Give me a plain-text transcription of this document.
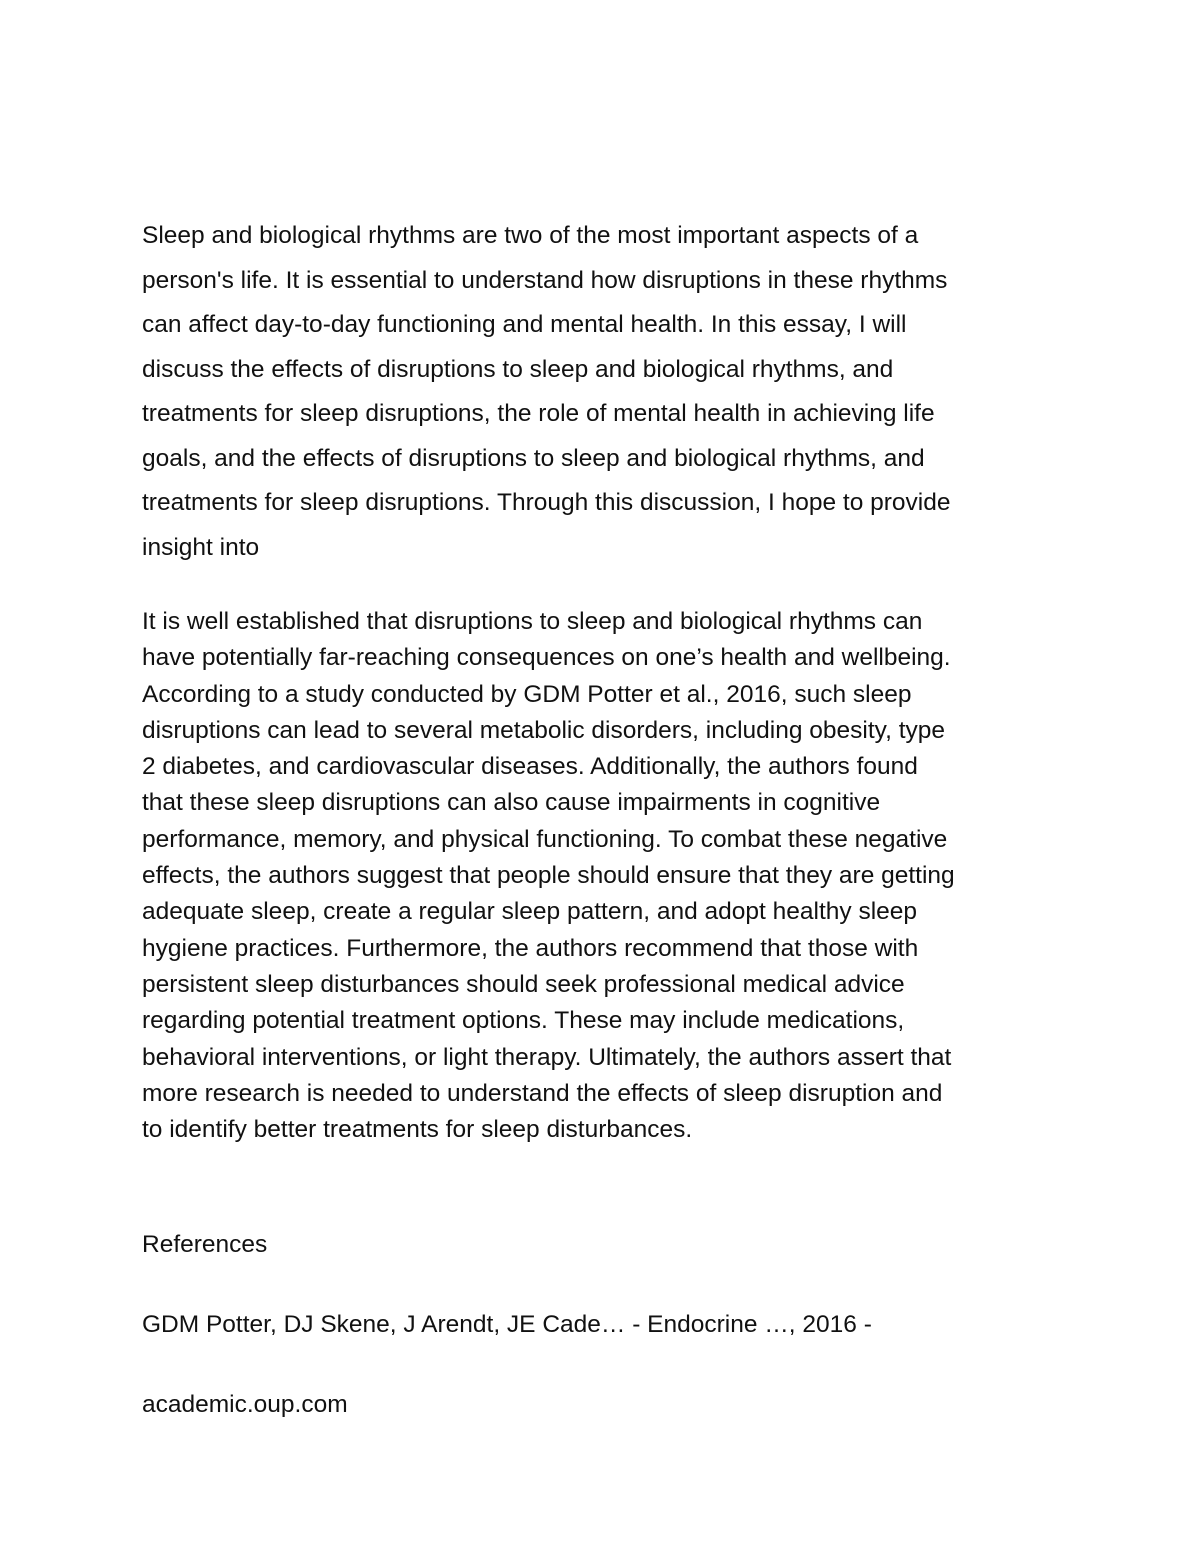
Sleep and biological rhythms are two of the most important aspects of a
person's life. It is essential to understand how disruptions in these rhythms
can affect day-to-day functioning and mental health. In this essay, I will
discuss the effects of disruptions to sleep and biological rhythms, and
treatments for sleep disruptions, the role of mental health in achieving life
goals, and the effects of disruptions to sleep and biological rhythms, and
treatments for sleep disruptions. Through this discussion, I hope to provide
insight into

It is well established that disruptions to sleep and biological rhythms can
have potentially far-reaching consequences on one’s health and wellbeing.
According to a study conducted by GDM Potter et al., 2016, such sleep
disruptions can lead to several metabolic disorders, including obesity, type
2 diabetes, and cardiovascular diseases. Additionally, the authors found
that these sleep disruptions can also cause impairments in cognitive
performance, memory, and physical functioning. To combat these negative
effects, the authors suggest that people should ensure that they are getting
adequate sleep, create a regular sleep pattern, and adopt healthy sleep
hygiene practices. Furthermore, the authors recommend that those with
persistent sleep disturbances should seek professional medical advice
regarding potential treatment options. These may include medications,
behavioral interventions, or light therapy. Ultimately, the authors assert that
more research is needed to understand the effects of sleep disruption and
to identify better treatments for sleep disturbances.

References

GDM Potter, DJ Skene, J Arendt, JE Cade… - Endocrine …, 2016 -

academic.oup.com
